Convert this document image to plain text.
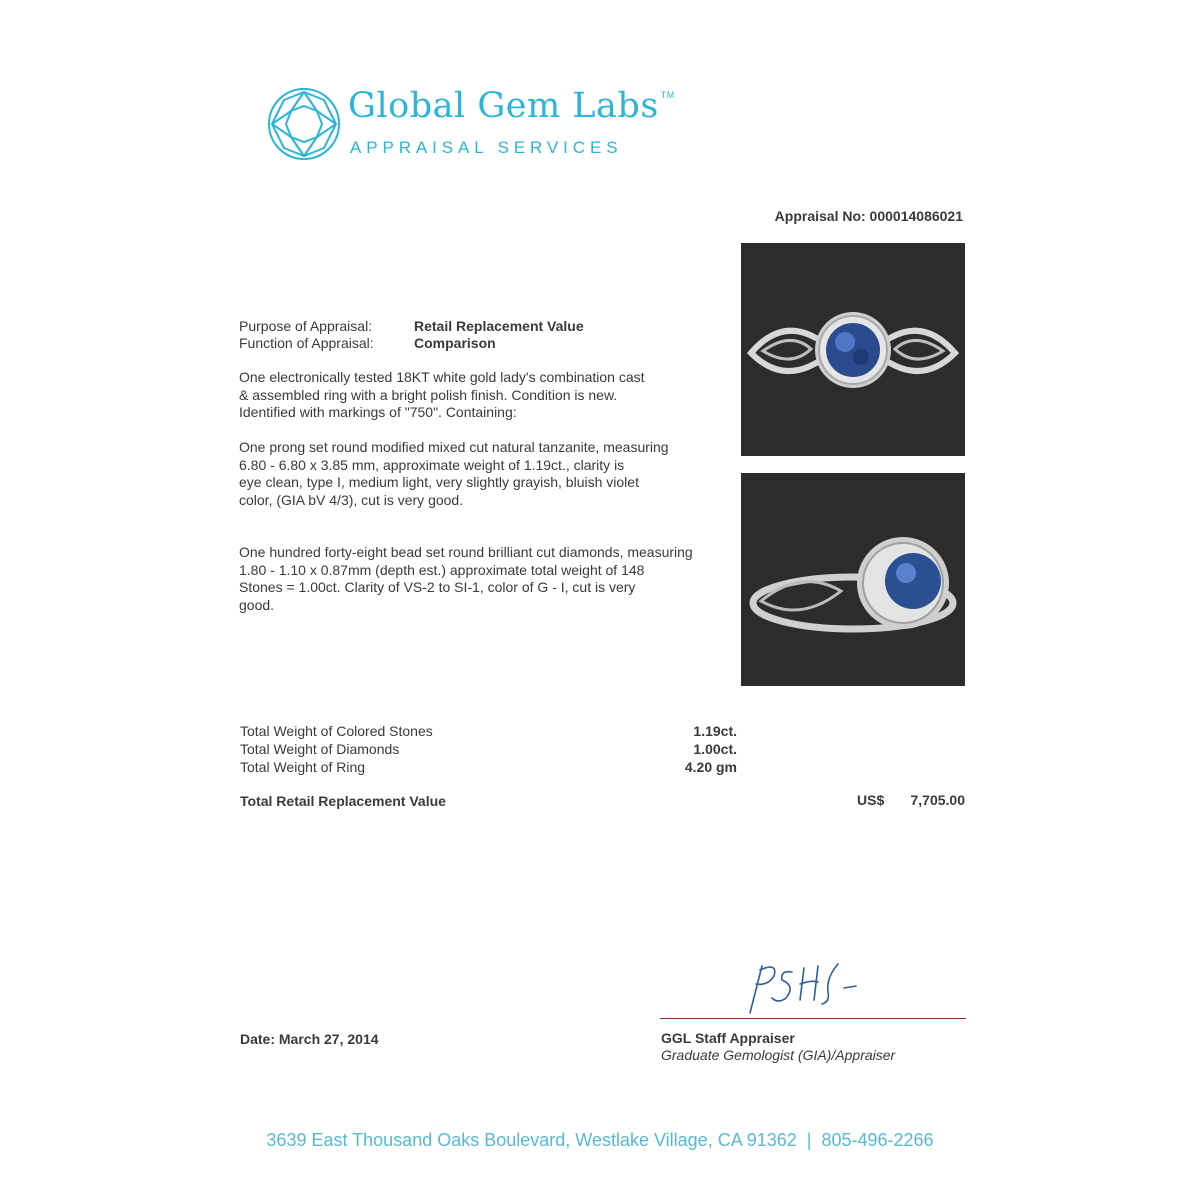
Global Gem Labs ™
APPRAISAL SERVICES
Appraisal No: 000014086021
Purpose of Appraisal:	Retail Replacement Value
Function of Appraisal:	Comparison
One electronically tested 18KT white gold lady's combination cast
& assembled ring with a bright polish finish. Condition is new.
Identified with markings of "750". Containing:
One prong set round modified mixed cut natural tanzanite, measuring
6.80 - 6.80 x 3.85 mm, approximate weight of 1.19ct., clarity is
eye clean, type I, medium light, very slightly grayish, bluish violet
color, (GIA bV 4/3), cut is very good.
One hundred forty-eight bead set round brilliant cut diamonds, measuring
1.80 - 1.10 x 0.87mm (depth est.) approximate total weight of 148
Stones = 1.00ct. Clarity of VS-2 to SI-1, color of G - I, cut is very
good.
Total Weight of Colored Stones	1.19ct.
Total Weight of Diamonds	1.00ct.
Total Weight of Ring	4.20 gm
Total Retail Replacement Value	US$ 7,705.00
Date: March 27, 2014	GGL Staff Appraiser
Graduate Gemologist (GIA)/Appraiser
3639 East Thousand Oaks Boulevard, Westlake Village, CA 91362 | 805-496-2266
